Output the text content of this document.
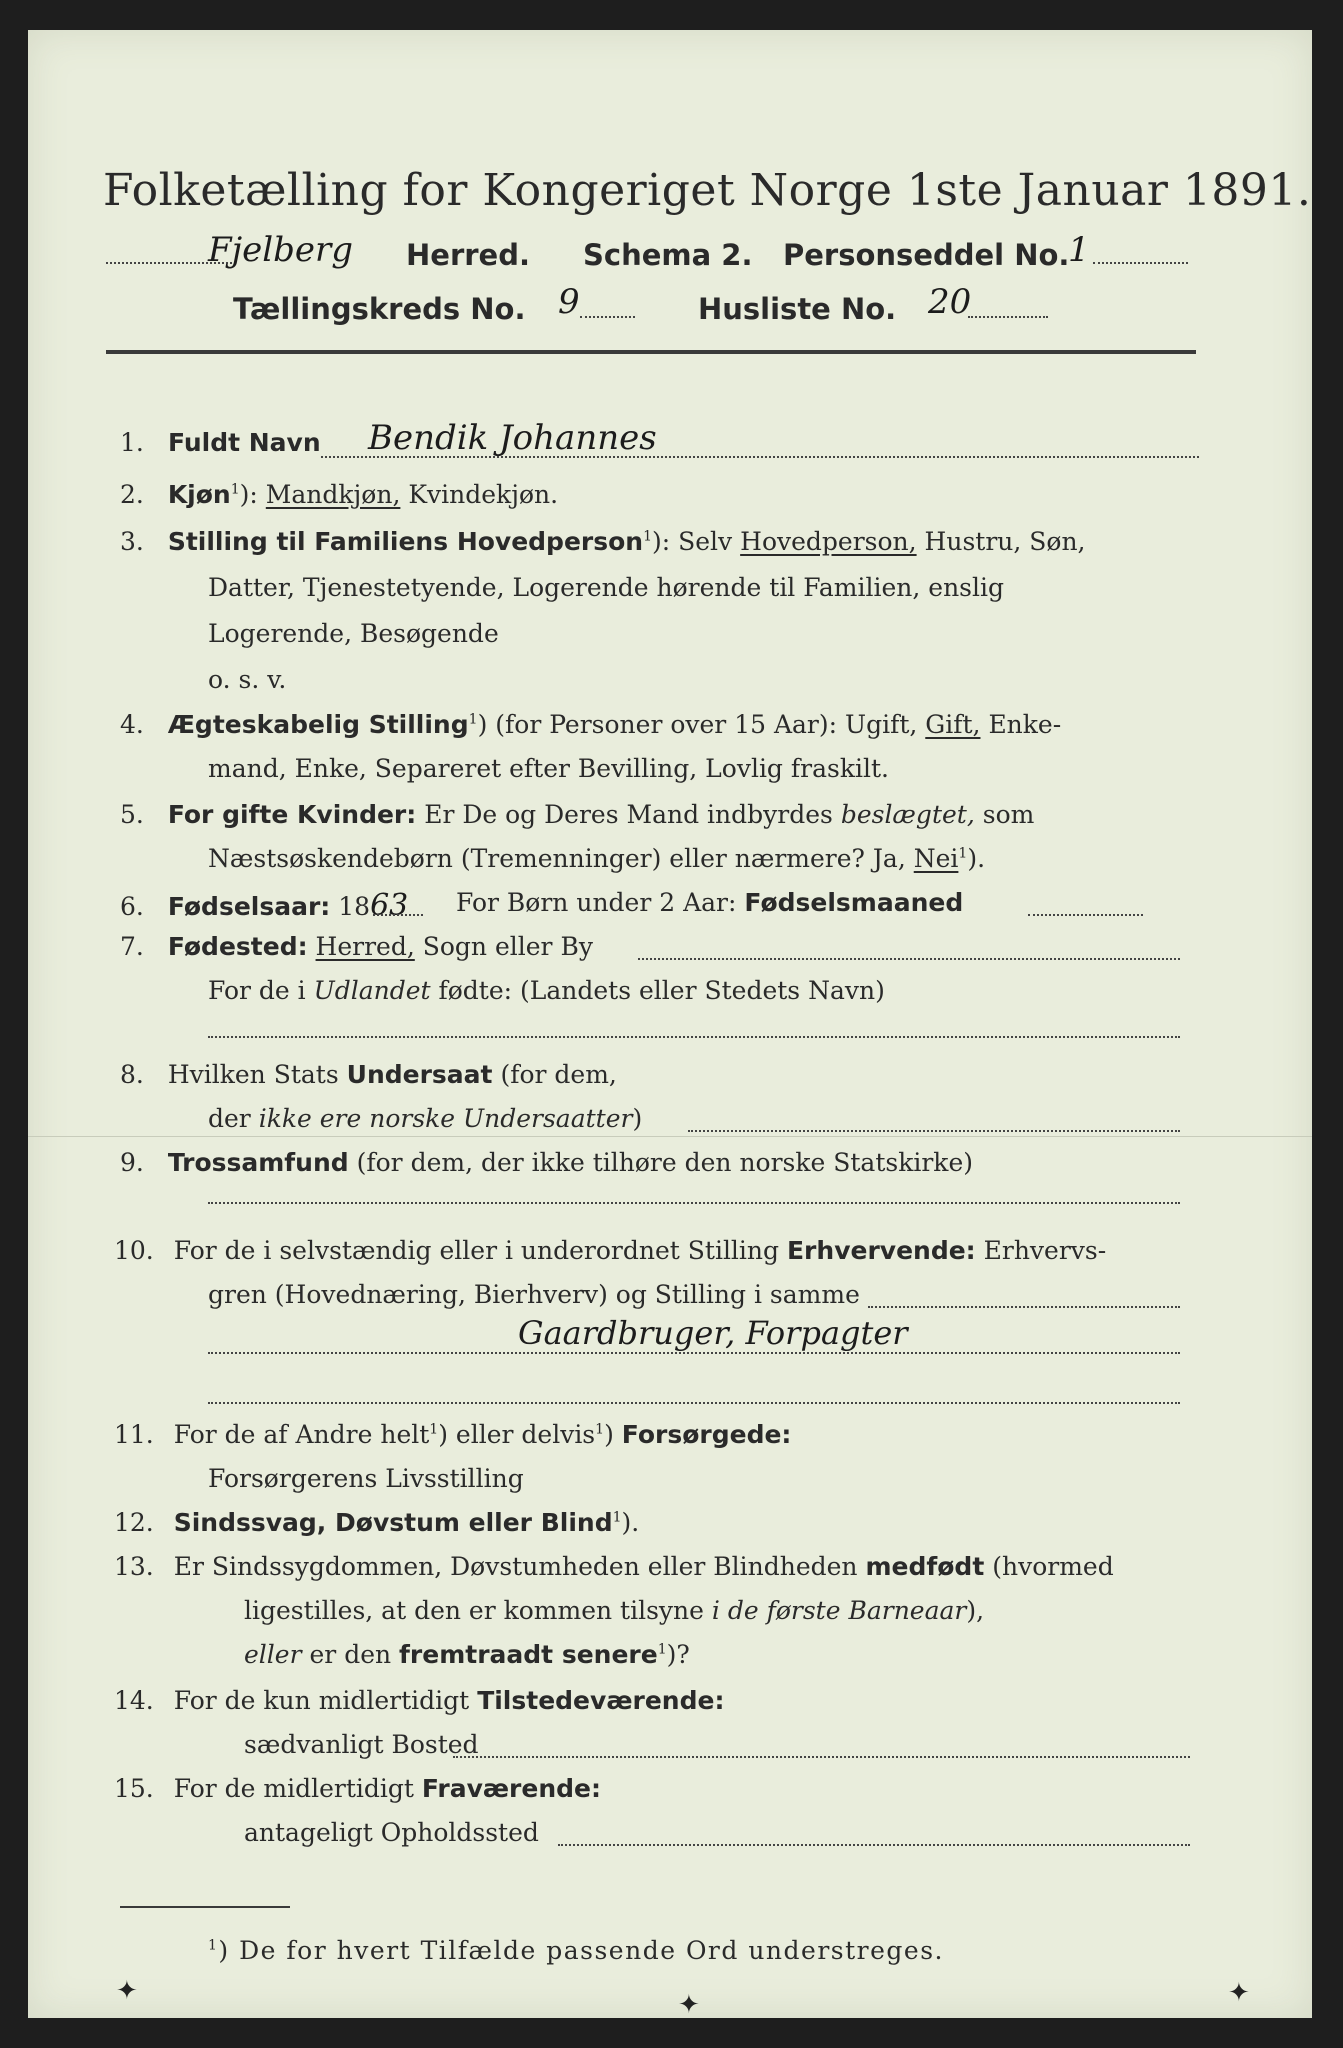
Folketælling for Kongeriget Norge 1ste Januar 1891.
Fjelberg Herred. Schema 2. Personseddel No.
1
Tællingskreds No. 9	Husliste No. 20
1. Fuldt Navn Bendik Johannes
2. Kjøn$^1$): Mandkjøn, Kvindekjøn.
3. Stilling til Familiens Hovedperson$^1$): Selv Hovedperson, Hustru, Søn,
Datter, Tjenestetyende, Logerende hørende til Familien, enslig
Logerende, Besøgende
o. s. v.
4. Ægteskabelig Stilling$^1$) (for Personer over 15 Aar): Ugift, Gift, Enke-
mand, Enke, Separeret efter Bevilling, Lovlig fraskilt.
5. For gifte Kvinder: Er De og Deres Mand indbyrdes beslægtet, som
Næstsøskendebørn (Tremenninger) eller nærmere? Ja, Nei$^1$).
6. Fødselsaar: 1863 For Børn under 2 Aar: Fødselsmaaned
7. Fødested: Herred, Sogn eller By
For de i Udlandet fødte: (Landets eller Stedets Navn)
8. Hvilken Stats Undersaat (for dem,
der ikke ere norske Undersaatter)
9. Trossamfund (for dem, der ikke tilhøre den norske Statskirke)
10. For de i selvstændig eller i underordnet Stilling Erhvervende: Erhvervs-
gren (Hovednæring, Bierhverv) og Stilling i samme
Gaardbruger, Forpagter
11. For de af Andre helt$^1$) eller delvis$^1$) Forsørgede:
Forsørgerens Livsstilling
12. Sindssvag, Døvstum eller Blind$^1$).
13. Er Sindssygdommen, Døvstumheden eller Blindheden medfødt (hvormed
ligestilles, at den er kommen tilsyne i de første Barneaar),
eller er den fremtraadt senere$^1$)?
14. For de kun midlertidigt Tilstedeværende:
sædvanligt Bosted
15. For de midlertidigt Fraværende:
antageligt Opholdssted
$^1$) De for hvert Tilfælde passende Ord understreges.
✦	✦	✦
